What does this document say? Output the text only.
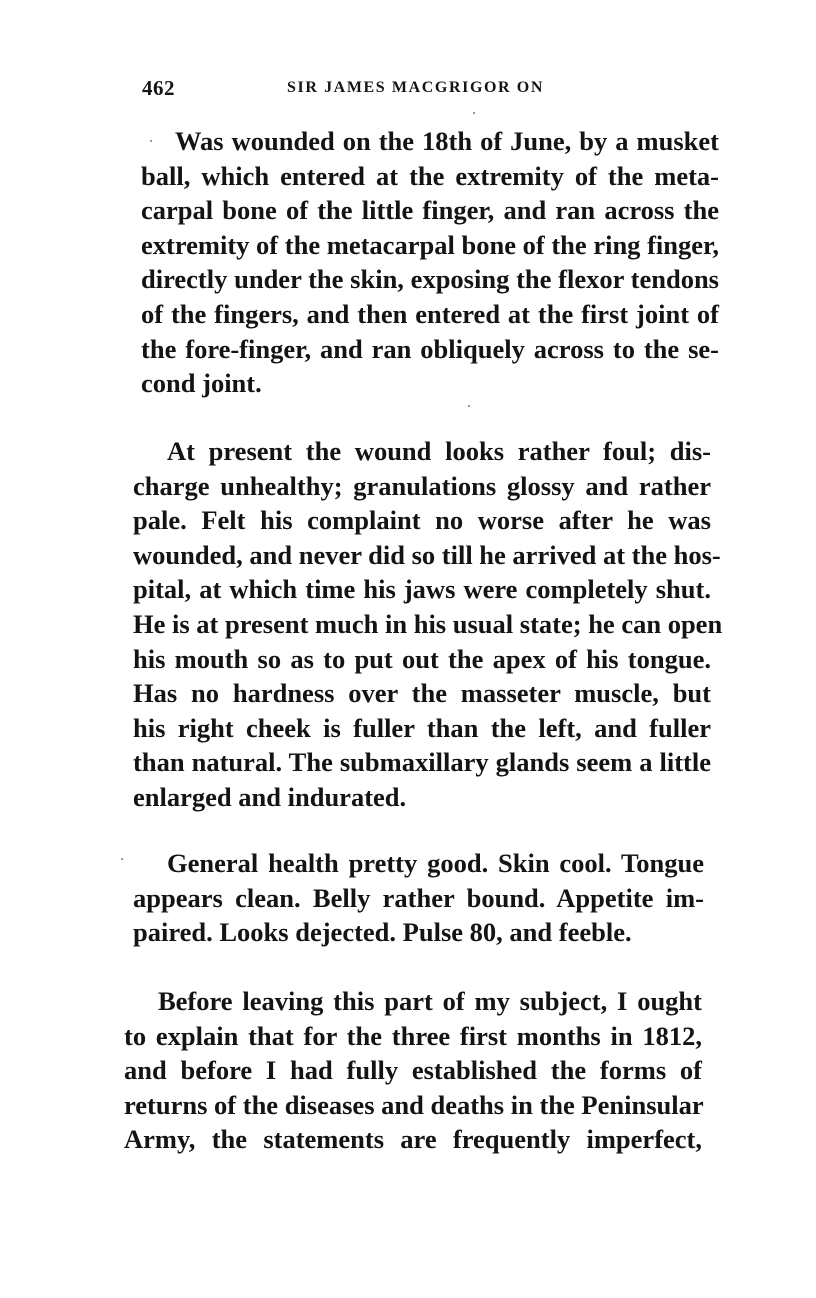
462	SIR JAMES MACGRIGOR ON
Was wounded on the 18th of June, by a musket
ball, which entered at the extremity of the meta-
carpal bone of the little finger, and ran across the
extremity of the metacarpal bone of the ring finger,
directly under the skin, exposing the flexor tendons
of the fingers, and then entered at the first joint of
the fore-finger, and ran obliquely across to the se-
cond joint.
At present the wound looks rather foul; dis-
charge unhealthy; granulations glossy and rather
pale. Felt his complaint no worse after he was
wounded, and never did so till he arrived at the hos-
pital, at which time his jaws were completely shut.
He is at present much in his usual state; he can open
his mouth so as to put out the apex of his tongue.
Has no hardness over the masseter muscle, but
his right cheek is fuller than the left, and fuller
than natural. The submaxillary glands seem a little
enlarged and indurated.
General health pretty good. Skin cool. Tongue
appears clean. Belly rather bound. Appetite im-
paired. Looks dejected. Pulse 80, and feeble.
Before leaving this part of my subject, I ought
to explain that for the three first months in 1812,
and before I had fully established the forms of
returns of the diseases and deaths in the Peninsular
Army, the statements are frequently imperfect,
